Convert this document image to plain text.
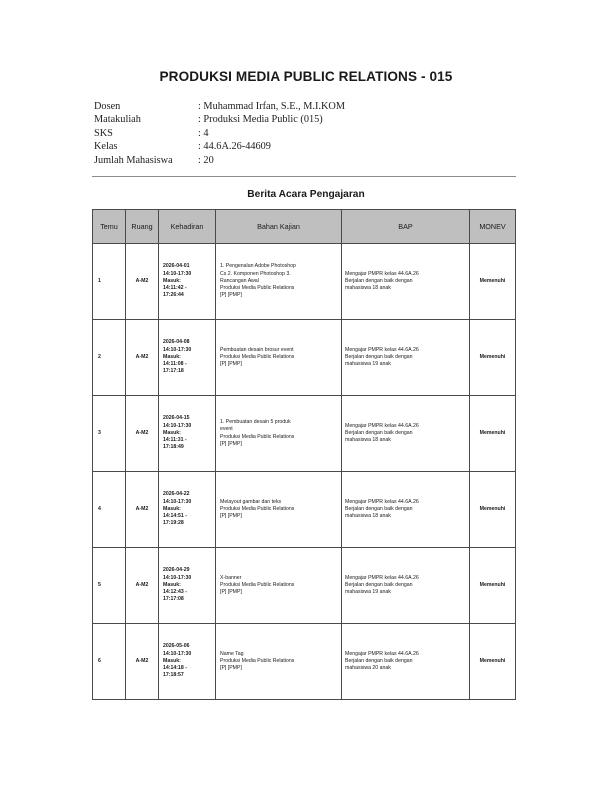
PRODUKSI MEDIA PUBLIC RELATIONS - 015
Dosen	: Muhammad Irfan, S.E., M.I.KOM
Matakuliah	: Produksi Media Public (015)
SKS	: 4
Kelas	: 44.6A.26-44609
Jumlah Mahasiswa	: 20
Berita Acara Pengajaran
Temu	Ruang	Kehadiran	Bahan Kajian	BAP	MONEV
1	A-M2	2026-04-01
14:10-17:30
Masuk:
14:11:42 -
17:26:44	1. Pengenalan Adobe Photoshop
Cs 2. Komponen Photoshop 3.
Rancangan Awal
Produksi Media Public Relations
[P] [PMP]	Mengajar PMPR kelas 44.6A.26
Berjalan dengan baik dengan
mahasiswa 18 anak	Memenuhi
2	A-M2	2026-04-08
14:10-17:30
Masuk:
14:11:08 -
17:17:18	Pembuatan desain brosur event
Produksi Media Public Relations
[P] [PMP]	Mengajar PMPR kelas 44.6A.26
Berjalan dengan baik dengan
mahasiswa 19 anak	Memenuhi
3	A-M2	2026-04-15
14:10-17:30
Masuk:
14:11:31 -
17:18:49	1. Pembuatan desain 5 produk
event
Produksi Media Public Relations
[P] [PMP]	Mengajar PMPR kelas 44.6A.26
Berjalan dengan baik dengan
mahasiswa 18 anak	Memenuhi
4	A-M2	2026-04-22
14:10-17:30
Masuk:
14:14:51 -
17:19:28	Melayout gambar dan teks
Produksi Media Public Relations
[P] [PMP]	Mengajar PMPR kelas 44.6A.26
Berjalan dengan baik dengan
mahasiswa 18 anak	Memenuhi
5	A-M2	2026-04-29
14:10-17:30
Masuk:
14:12:43 -
17:17:08	X-banner
Produksi Media Public Relations
[P] [PMP]	Mengajar PMPR kelas 44.6A.26
Berjalan dengan baik dengan
mahasiswa 19 anak	Memenuhi
6	A-M2	2026-05-06
14:10-17:30
Masuk:
14:14:18 -
17:18:57	Name Tag
Produksi Media Public Relations
[P] [PMP]	Mengajar PMPR kelas 44.6A.26
Berjalan dengan baik dengan
mahasiswa 20 anak	Memenuhi
